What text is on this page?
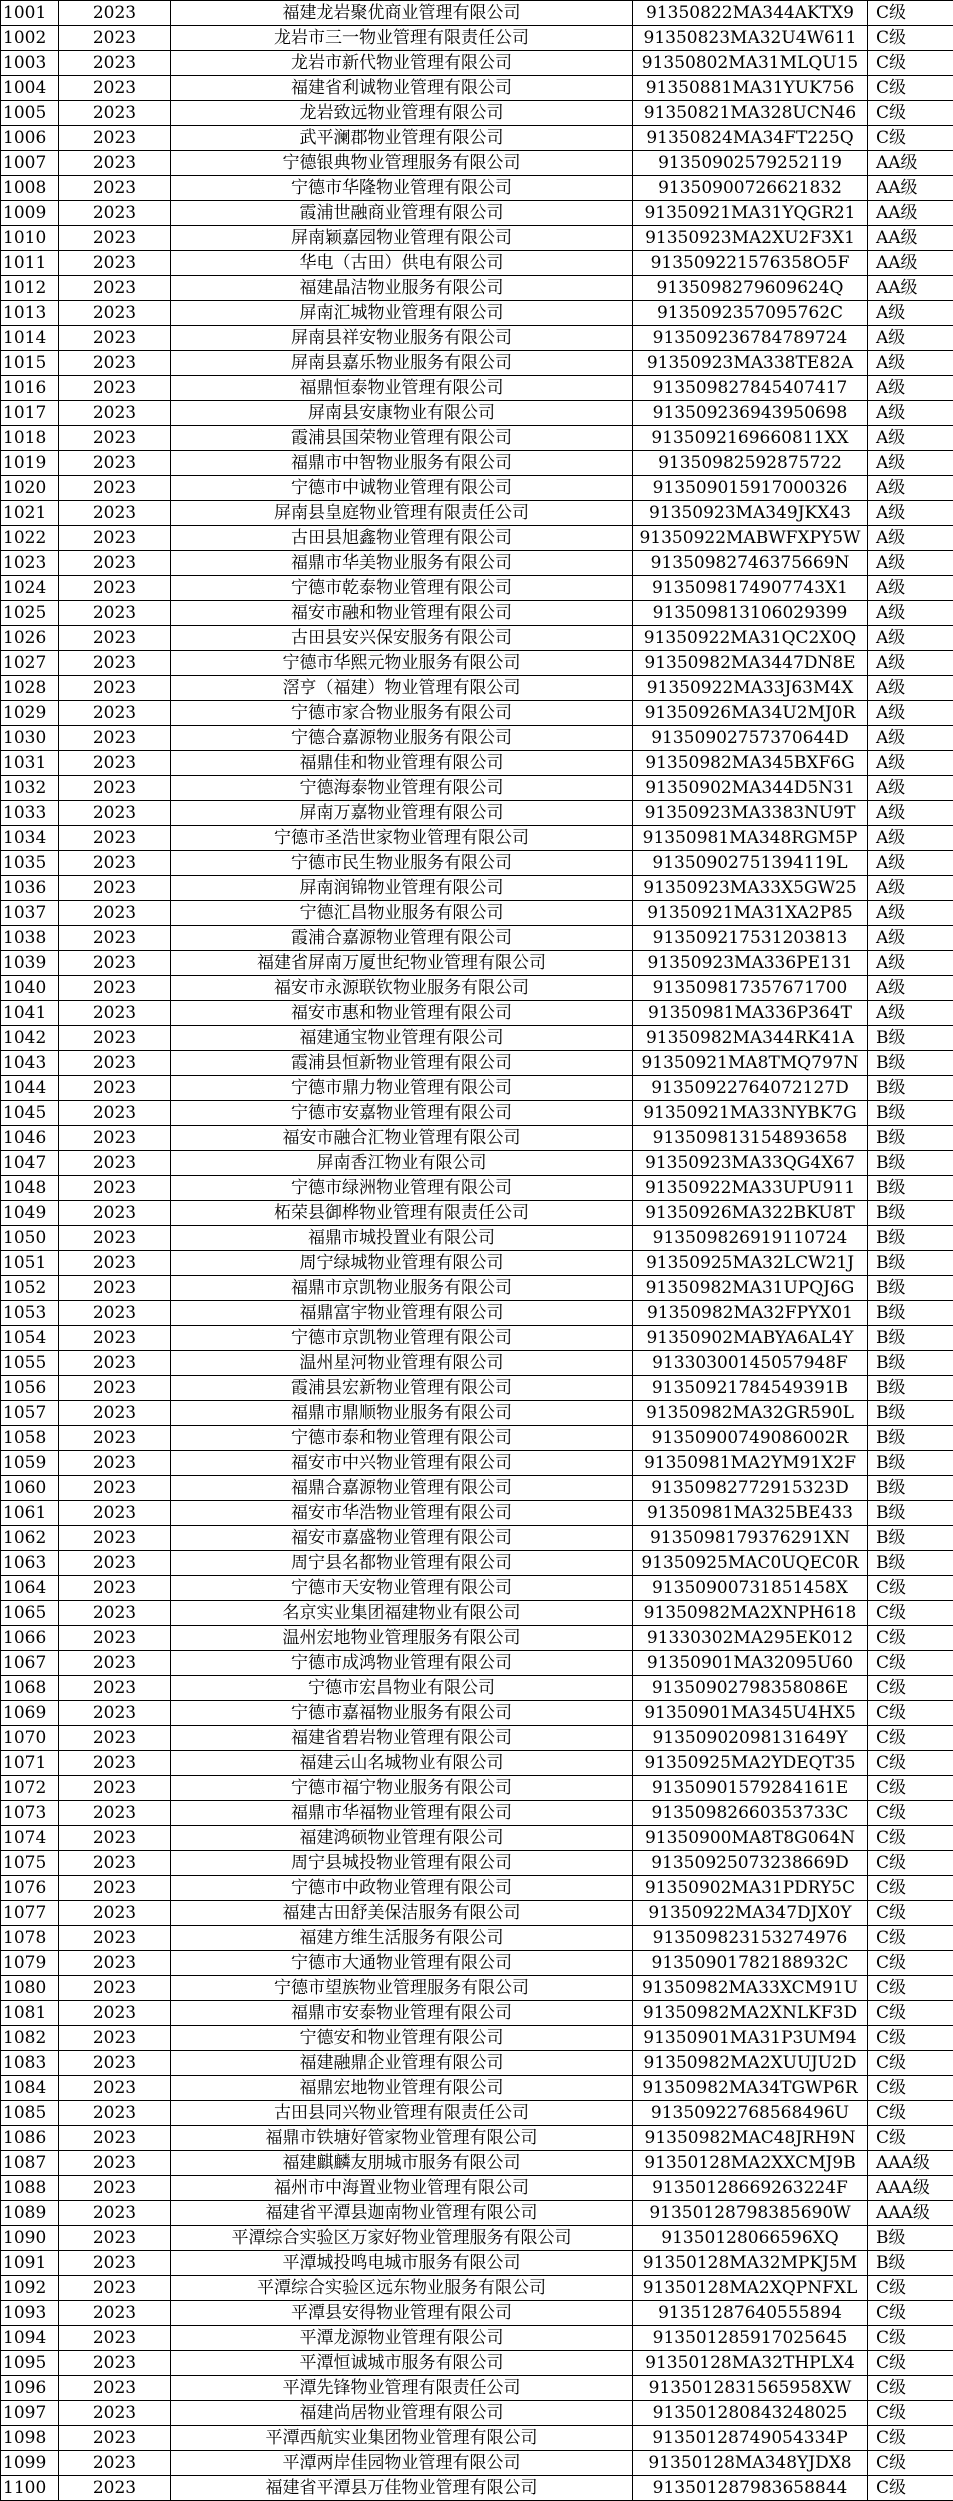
1001	2023	福建龙岩聚优商业管理有限公司	91350822MA344AKTX9	C级
1002	2023	龙岩市三一物业管理有限责任公司	91350823MA32U4W611	C级
1003	2023	龙岩市新代物业管理有限公司	91350802MA31MLQU15	C级
1004	2023	福建省利诚物业管理有限公司	91350881MA31YUK756	C级
1005	2023	龙岩致远物业管理有限公司	91350821MA328UCN46	C级
1006	2023	武平澜郡物业管理有限公司	91350824MA34FT225Q	C级
1007	2023	宁德银典物业管理服务有限公司	91350902579252119	AA级
1008	2023	宁德市华隆物业管理有限公司	91350900726621832	AA级
1009	2023	霞浦世融商业管理有限公司	91350921MA31YQGR21	AA级
1010	2023	屏南颖嘉园物业管理有限公司	91350923MA2XU2F3X1	AA级
1011	2023	华电（古田）供电有限公司	913509221576358O5F	AA级
1012	2023	福建晶洁物业服务有限公司	9135098279609624Q	AA级
1013	2023	屏南汇城物业管理有限公司	9135092357095762C	A级
1014	2023	屏南县祥安物业服务有限公司	913509236784789724	A级
1015	2023	屏南县嘉乐物业服务有限公司	91350923MA338TE82A	A级
1016	2023	福鼎恒泰物业管理有限公司	913509827845407417	A级
1017	2023	屏南县安康物业有限公司	913509236943950698	A级
1018	2023	霞浦县国荣物业管理有限公司	9135092169660811XX	A级
1019	2023	福鼎市中智物业服务有限公司	91350982592875722	A级
1020	2023	宁德市中诚物业管理有限公司	913509015917000326	A级
1021	2023	屏南县皇庭物业管理有限责任公司	91350923MA349JKX43	A级
1022	2023	古田县旭鑫物业管理有限公司	91350922MABWFXPY5W	A级
1023	2023	福鼎市华美物业服务有限公司	91350982746375669N	A级
1024	2023	宁德市乾泰物业管理有限公司	9135098174907743X1	A级
1025	2023	福安市融和物业管理有限公司	913509813106029399	A级
1026	2023	古田县安兴保安服务有限公司	91350922MA31QC2X0Q	A级
1027	2023	宁德市华熙元物业服务有限公司	91350982MA3447DN8E	A级
1028	2023	滘亨（福建）物业管理有限公司	91350922MA33J63M4X	A级
1029	2023	宁德市家合物业服务有限公司	91350926MA34U2MJ0R	A级
1030	2023	宁德合嘉源物业服务有限公司	91350902757370644D	A级
1031	2023	福鼎佳和物业管理有限公司	91350982MA345BXF6G	A级
1032	2023	宁德海泰物业管理有限公司	91350902MA344D5N31	A级
1033	2023	屏南万嘉物业管理有限公司	91350923MA3383NU9T	A级
1034	2023	宁德市圣浩世家物业管理有限公司	91350981MA348RGM5P	A级
1035	2023	宁德市民生物业服务有限公司	91350902751394119L	A级
1036	2023	屏南润锦物业管理有限公司	91350923MA33X5GW25	A级
1037	2023	宁德汇昌物业服务有限公司	91350921MA31XA2P85	A级
1038	2023	霞浦合嘉源物业管理有限公司	913509217531203813	A级
1039	2023	福建省屏南万厦世纪物业管理有限公司	91350923MA336PE131	A级
1040	2023	福安市永源联钦物业服务有限公司	913509817357671700	A级
1041	2023	福安市惠和物业管理有限公司	91350981MA336P364T	A级
1042	2023	福建通宝物业管理有限公司	91350982MA344RK41A	B级
1043	2023	霞浦县恒新物业管理有限公司	91350921MA8TMQ797N	B级
1044	2023	宁德市鼎力物业管理有限公司	91350922764072127D	B级
1045	2023	宁德市安嘉物业管理有限公司	91350921MA33NYBK7G	B级
1046	2023	福安市融合汇物业管理有限公司	913509813154893658	B级
1047	2023	屏南香江物业有限公司	91350923MA33QG4X67	B级
1048	2023	宁德市绿洲物业管理有限公司	91350922MA33UPU911	B级
1049	2023	柘荣县御桦物业管理有限责任公司	91350926MA322BKU8T	B级
1050	2023	福鼎市城投置业有限公司	913509826919110724	B级
1051	2023	周宁绿城物业管理有限公司	91350925MA32LCW21J	B级
1052	2023	福鼎市京凯物业服务有限公司	91350982MA31UPQJ6G	B级
1053	2023	福鼎富宇物业管理有限公司	91350982MA32FPYX01	B级
1054	2023	宁德市京凯物业管理有限公司	91350902MABYA6AL4Y	B级
1055	2023	温州星河物业管理有限公司	91330300145057948F	B级
1056	2023	霞浦县宏新物业管理有限公司	91350921784549391B	B级
1057	2023	福鼎市鼎顺物业服务有限公司	91350982MA32GR590L	B级
1058	2023	宁德市泰和物业管理有限公司	91350900749086002R	B级
1059	2023	福安市中兴物业管理有限公司	91350981MA2YM91X2F	B级
1060	2023	福鼎合嘉源物业管理有限公司	91350982772915323D	B级
1061	2023	福安市华浩物业管理有限公司	91350981MA325BE433	B级
1062	2023	福安市嘉盛物业管理有限公司	9135098179376291XN	B级
1063	2023	周宁县名都物业管理有限公司	91350925MAC0UQEC0R	B级
1064	2023	宁德市天安物业管理有限公司	91350900731851458X	C级
1065	2023	名京实业集团福建物业有限公司	91350982MA2XNPH618	C级
1066	2023	温州宏地物业管理服务有限公司	91330302MA295EK012	C级
1067	2023	宁德市成鸿物业管理有限公司	91350901MA32095U60	C级
1068	2023	宁德市宏昌物业有限公司	91350902798358086E	C级
1069	2023	宁德市嘉福物业服务有限公司	91350901MA345U4HX5	C级
1070	2023	福建省碧岩物业管理有限公司	91350902098131649Y	C级
1071	2023	福建云山名城物业有限公司	91350925MA2YDEQT35	C级
1072	2023	宁德市福宁物业服务有限公司	91350901579284161E	C级
1073	2023	福鼎市华福物业管理有限公司	91350982660353733C	C级
1074	2023	福建鸿硕物业管理有限公司	91350900MA8T8G064N	C级
1075	2023	周宁县城投物业管理有限公司	91350925073238669D	C级
1076	2023	宁德市中政物业管理有限公司	91350902MA31PDRY5C	C级
1077	2023	福建古田舒美保洁服务有限公司	91350922MA347DJX0Y	C级
1078	2023	福建方维生活服务有限公司	913509823153274976	C级
1079	2023	宁德市大通物业管理有限公司	91350901782188932C	C级
1080	2023	宁德市望族物业管理服务有限公司	91350982MA33XCM91U	C级
1081	2023	福鼎市安泰物业管理有限公司	91350982MA2XNLKF3D	C级
1082	2023	宁德安和物业管理有限公司	91350901MA31P3UM94	C级
1083	2023	福建融鼎企业管理有限公司	91350982MA2XUUJU2D	C级
1084	2023	福鼎宏地物业管理有限公司	91350982MA34TGWP6R	C级
1085	2023	古田县同兴物业管理有限责任公司	91350922768568496U	C级
1086	2023	福鼎市铁塘好管家物业管理有限公司	91350982MAC48JRH9N	C级
1087	2023	福建麒麟友朋城市服务有限公司	91350128MA2XXCMJ9B	AAA级
1088	2023	福州市中海置业物业管理有限公司	91350128669263224F	AAA级
1089	2023	福建省平潭县迦南物业管理有限公司	91350128798385690W	AAA级
1090	2023	平潭综合实验区万家好物业管理服务有限公司	91350128066596XQ	B级
1091	2023	平潭城投鸣电城市服务有限公司	91350128MA32MPKJ5M	B级
1092	2023	平潭综合实验区远东物业服务有限公司	91350128MA2XQPNFXL	C级
1093	2023	平潭县安得物业管理有限公司	91351287640555894	C级
1094	2023	平潭龙源物业管理有限公司	913501285917025645	C级
1095	2023	平潭恒诚城市服务有限公司	91350128MA32THPLX4	C级
1096	2023	平潭先锋物业管理有限责任公司	9135012831565958XW	C级
1097	2023	福建尚居物业管理有限公司	913501280843248025	C级
1098	2023	平潭西航实业集团物业管理有限公司	91350128749054334P	C级
1099	2023	平潭两岸佳园物业管理有限公司	91350128MA348YJDX8	C级
1100	2023	福建省平潭县万佳物业管理有限公司	913501287983658844	C级
